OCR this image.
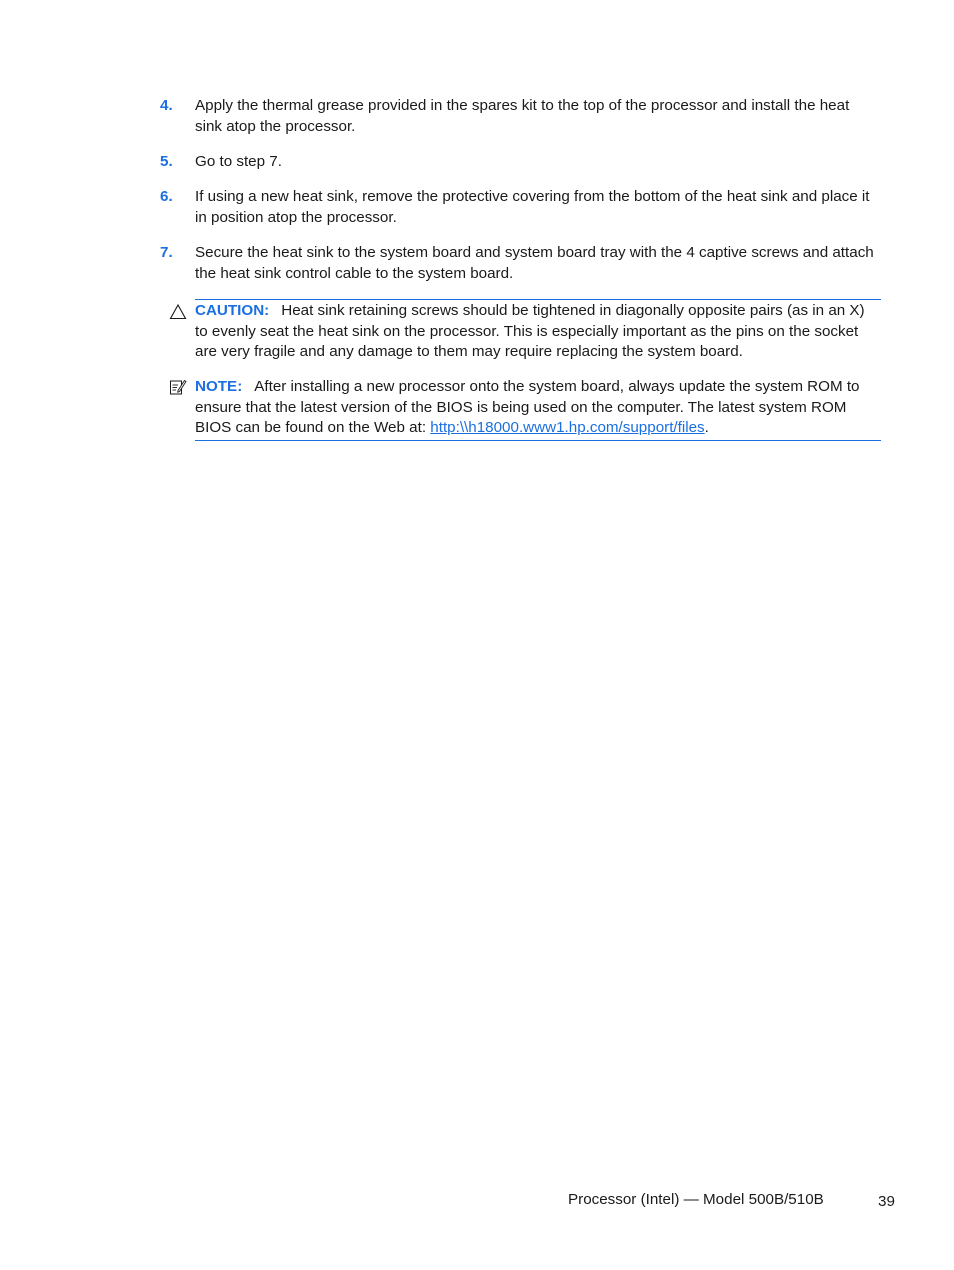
4. Apply the thermal grease provided in the spares kit to the top of the processor and install the heat sink atop the processor.
5. Go to step 7.
6. If using a new heat sink, remove the protective covering from the bottom of the heat sink and place it in position atop the processor.
7. Secure the heat sink to the system board and system board tray with the 4 captive screws and attach the heat sink control cable to the system board.
CAUTION: Heat sink retaining screws should be tightened in diagonally opposite pairs (as in an X) to evenly seat the heat sink on the processor. This is especially important as the pins on the socket are very fragile and any damage to them may require replacing the system board.
NOTE: After installing a new processor onto the system board, always update the system ROM to ensure that the latest version of the BIOS is being used on the computer. The latest system ROM BIOS can be found on the Web at: http:\\h18000.www1.hp.com/support/files.
Processor (Intel) — Model 500B/510B	39
